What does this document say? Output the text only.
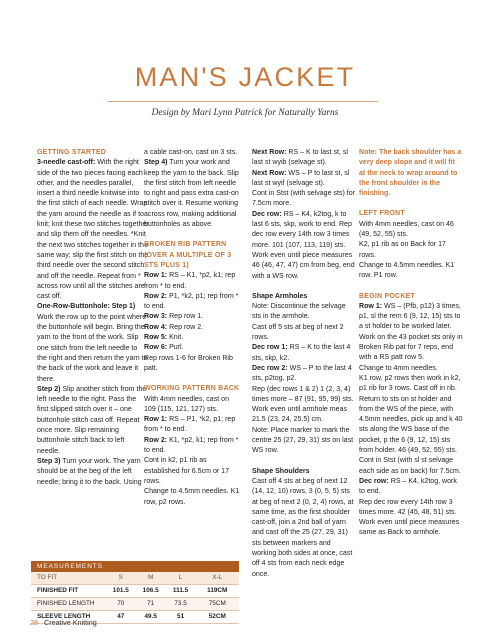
MAN'S JACKET
Design by Mari Lynn Patrick for Naturally Yarns

GETTING STARTED

3-needle cast-off: With the right side of the two pieces facing each other, and the needles parallel, insert a third needle knitwise into the first stitch of each needle. Wrap the yarn around the needle as if to knit; knit these two stitches together and slip them off the needles. *Knit the next two stitches together in the same way; slip the first stitch on the third needle over the second stitch and off the needle. Repeat from * across row until all the stitches are cast off.

One-Row-Buttonhole: Step 1) Work the row up to the point where the buttonhole will begin. Bring the yarn to the front of the work. Slip one stitch from the left needle to the right and then return the yarn to the back of the work and leave it there.

Step 2) Slip another stitch from the left needle to the right. Pass the first slipped stitch over it – one buttonhole stitch cast off. Repeat once more. Slip remaining buttonhole stitch back to left needle.

Step 3) Turn your work. The yarn should be at the beg of the left needle; bring it to the back. Using

a cable cast-on, cast on 3 sts.

Step 4) Turn your work and keep the yarn to the back. Slip the first stitch from left needle to right and pass extra cast-on stitch over it. Resume working across row, making additional buttonholes as above.

BROKEN RIB PATTERN (OVER A MULTIPLE OF 3 STS PLUS 1)

Row 1: RS – K1, *p2, k1; rep from * to end.

Row 2: P1, *k2, p1; rep from * to end.

Row 3: Rep row 1.

Row 4: Rep row 2.

Row 5: Knit.

Row 6: Purl.

Rep rows 1-6 for Broken Rib patt.

WORKING PATTERN BACK

With 4mm needles, cast on 109 (115, 121, 127) sts.

Row 1: RS – P1, *k2, p1; rep from * to end.

Row 2: K1, *p2, k1; rep from * to end.

Cont in k2, p1 rib as established for 6.5cm or 17 rows.

Change to 4.5mm needles. K1 row, p2 rows.

Next Row: RS – K to last st, sl last st wyib (selvage st).

Next Row: WS – P to last st, sl last st wyif (selvage st).

Cont in Stst (with selvage sts) for 7.5cm more.

Dec row: RS – K4, k2tog, k to last 6 sts, skp, work to end. Rep dec row every 14th row 3 times more. 101 (107, 113, 119) sts.

Work even until piece measures 46 (46, 47, 47) cm from beg, end with a WS row.

Shape Armholes

Note: Discontinue the selvage sts in the armhole.

Cast off 5 sts at beg of next 2 rows.

Dec row 1: RS – K to the last 4 sts, skp, k2.

Dec row 2: WS – P to the last 4 sts, p2tog, p2.

Rep (dec rows 1 & 2) 1 (2, 3, 4) times more – 87 (91, 95, 99) sts.

Work even until armhole meas 21.5 (23, 24, 25.5) cm.

Note: Place marker to mark the centre 25 (27, 29, 31) sts on last WS row.

Shape Shoulders

Cast off 4 sts at beg of next 12 (14, 12, 10) rows, 3 (0, 5, 5) sts at beg of next 2 (0, 2, 4) rows, at same time, as the first shoulder cast-off, join a 2nd ball of yarn and cast off the 25 (27, 29, 31) sts between markers and working both sides at once, cast off 4 sts from each neck edge once.

Note: The back shoulder has a very deep slope and it will fit at the neck to wrap around to the front shoulder in the finishing.

LEFT FRONT

With 4mm needles, cast on 46 (49, 52, 55) sts.

K2, p1 rib as on Back for 17 rows.

Change to 4.5mm needles. K1 row. P1 row.

BEGIN POCKET

Row 1: WS – (Pfb, p12) 3 times, p1, sl the rem 6 (9, 12, 15) sts to a st holder to be worked later. Work on the 43 pocket sts only in Broken Rib pat for 7 reps, end with a RS patt row 5.

Change to 4mm needles.

K1 row, p2 rows then work in k2, p1 rib for 3 rows. Cast off in rib.

Return to sts on st holder and from the WS of the piece, with 4.5mm needles, pick up and k 40 sts along the WS base of the pocket, p the 6 (9, 12, 15) sts from holder. 46 (49, 52, 55) sts.

Cont in Stst (with sl st selvage each side as on back) for 7.5cm.

Dec row: RS – K4, k2tog, work to end.

Rep dec row every 14th row 3 times more. 42 (45, 48, 51) sts.

Work even until piece measures same as Back to armhole.

MEASUREMENTS
TO FIT	S	M	L	X-L
FINISHED FIT	101.5	106.5	111.5	119CM
FINISHED LENGTH	70	71	73.5	75CM
SLEEVE LENGTH	47	49.5	51	52CM
28 Creative Knitting
